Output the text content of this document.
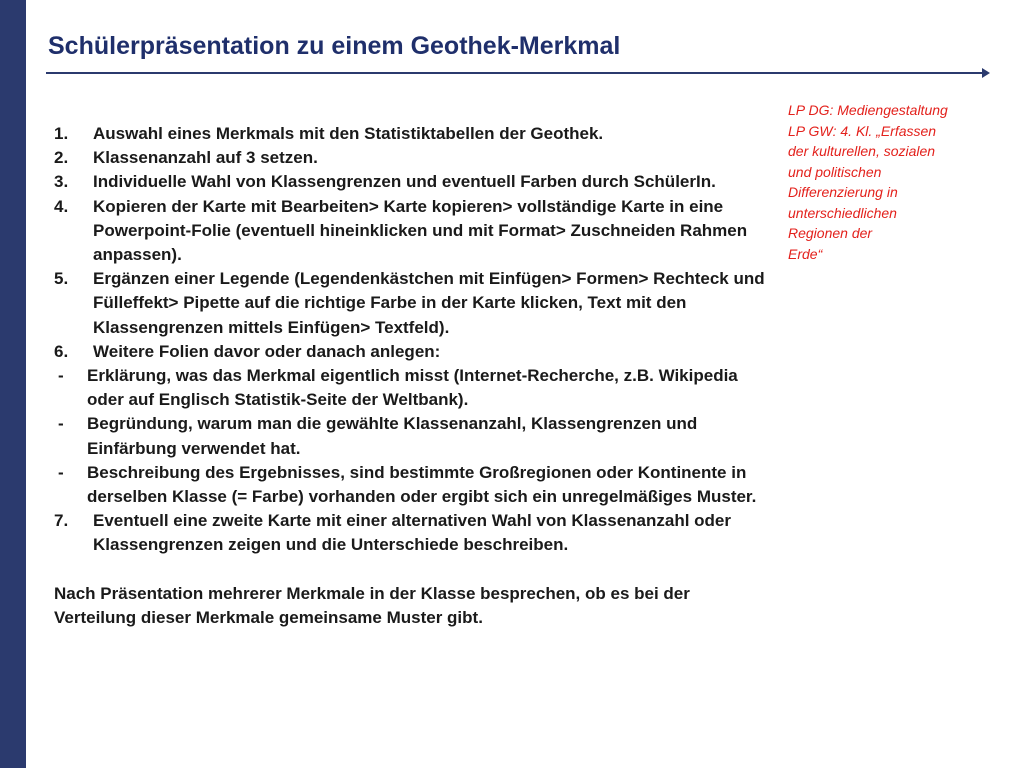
Schülerpräsentation zu einem Geothek-Merkmal
LP DG: Mediengestaltung
LP GW: 4. Kl. „Erfassen
der kulturellen, sozialen
und politischen
Differenzierung in
unterschiedlichen
Regionen der
Erde“
1.	Auswahl eines Merkmals mit den Statistiktabellen der Geothek.
2.	Klassenanzahl auf 3 setzen.
3.	Individuelle Wahl von Klassengrenzen und eventuell Farben durch SchülerIn.
4.	Kopieren der Karte mit Bearbeiten> Karte kopieren> vollständige Karte in eine Powerpoint-Folie (eventuell hineinklicken und mit Format> Zuschneiden Rahmen anpassen).
5.	Ergänzen einer Legende (Legendenkästchen mit Einfügen> Formen> Rechteck und Fülleffekt> Pipette auf die richtige Farbe in der Karte klicken, Text mit den Klassengrenzen mittels Einfügen> Textfeld).
6.	Weitere Folien davor oder danach anlegen:
-	Erklärung, was das Merkmal eigentlich misst (Internet-Recherche, z.B. Wikipedia oder auf Englisch Statistik-Seite der Weltbank).
-	Begründung, warum man die gewählte Klassenanzahl, Klassengrenzen und Einfärbung verwendet hat.
-	Beschreibung des Ergebnisses, sind bestimmte Großregionen oder Kontinente in derselben Klasse (= Farbe) vorhanden oder ergibt sich ein unregelmäßiges Muster.
7.	Eventuell eine zweite Karte mit einer alternativen Wahl von Klassenanzahl oder Klassengrenzen zeigen und die Unterschiede beschreiben.
Nach Präsentation mehrerer Merkmale in der Klasse besprechen, ob es bei der Verteilung dieser Merkmale gemeinsame Muster gibt.
